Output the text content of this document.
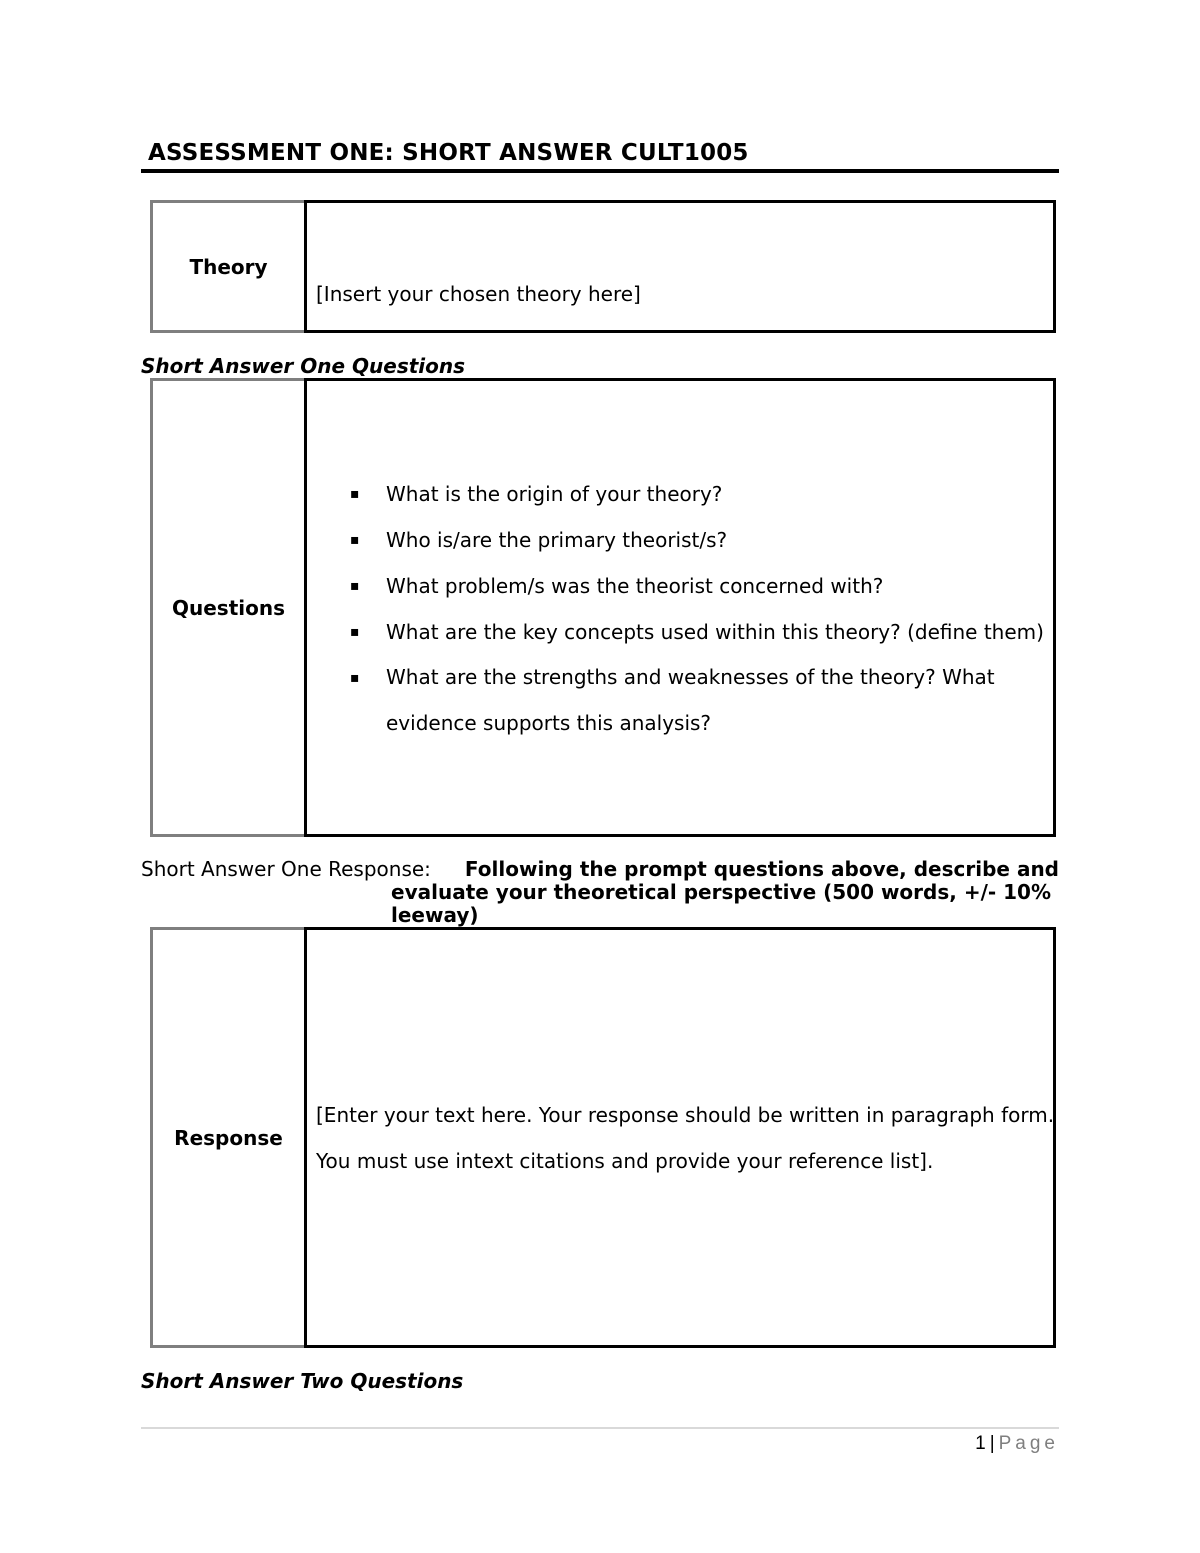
ASSESSMENT ONE: SHORT ANSWER CULT1005
Theory
[Insert your chosen theory here]
Short Answer One Questions
Questions
▪ What is the origin of your theory?
▪ Who is/are the primary theorist/s?
▪ What problem/s was the theorist concerned with?
▪ What are the key concepts used within this theory? (define them)
▪ What are the strengths and weaknesses of the theory? What evidence supports this analysis?
Short Answer One Response: Following the prompt questions above, describe and
evaluate your theoretical perspective (500 words, +/- 10%
leeway)
Response
[Enter your text here. Your response should be written in paragraph form.
You must use intext citations and provide your reference list].
Short Answer Two Questions
1 | Page
